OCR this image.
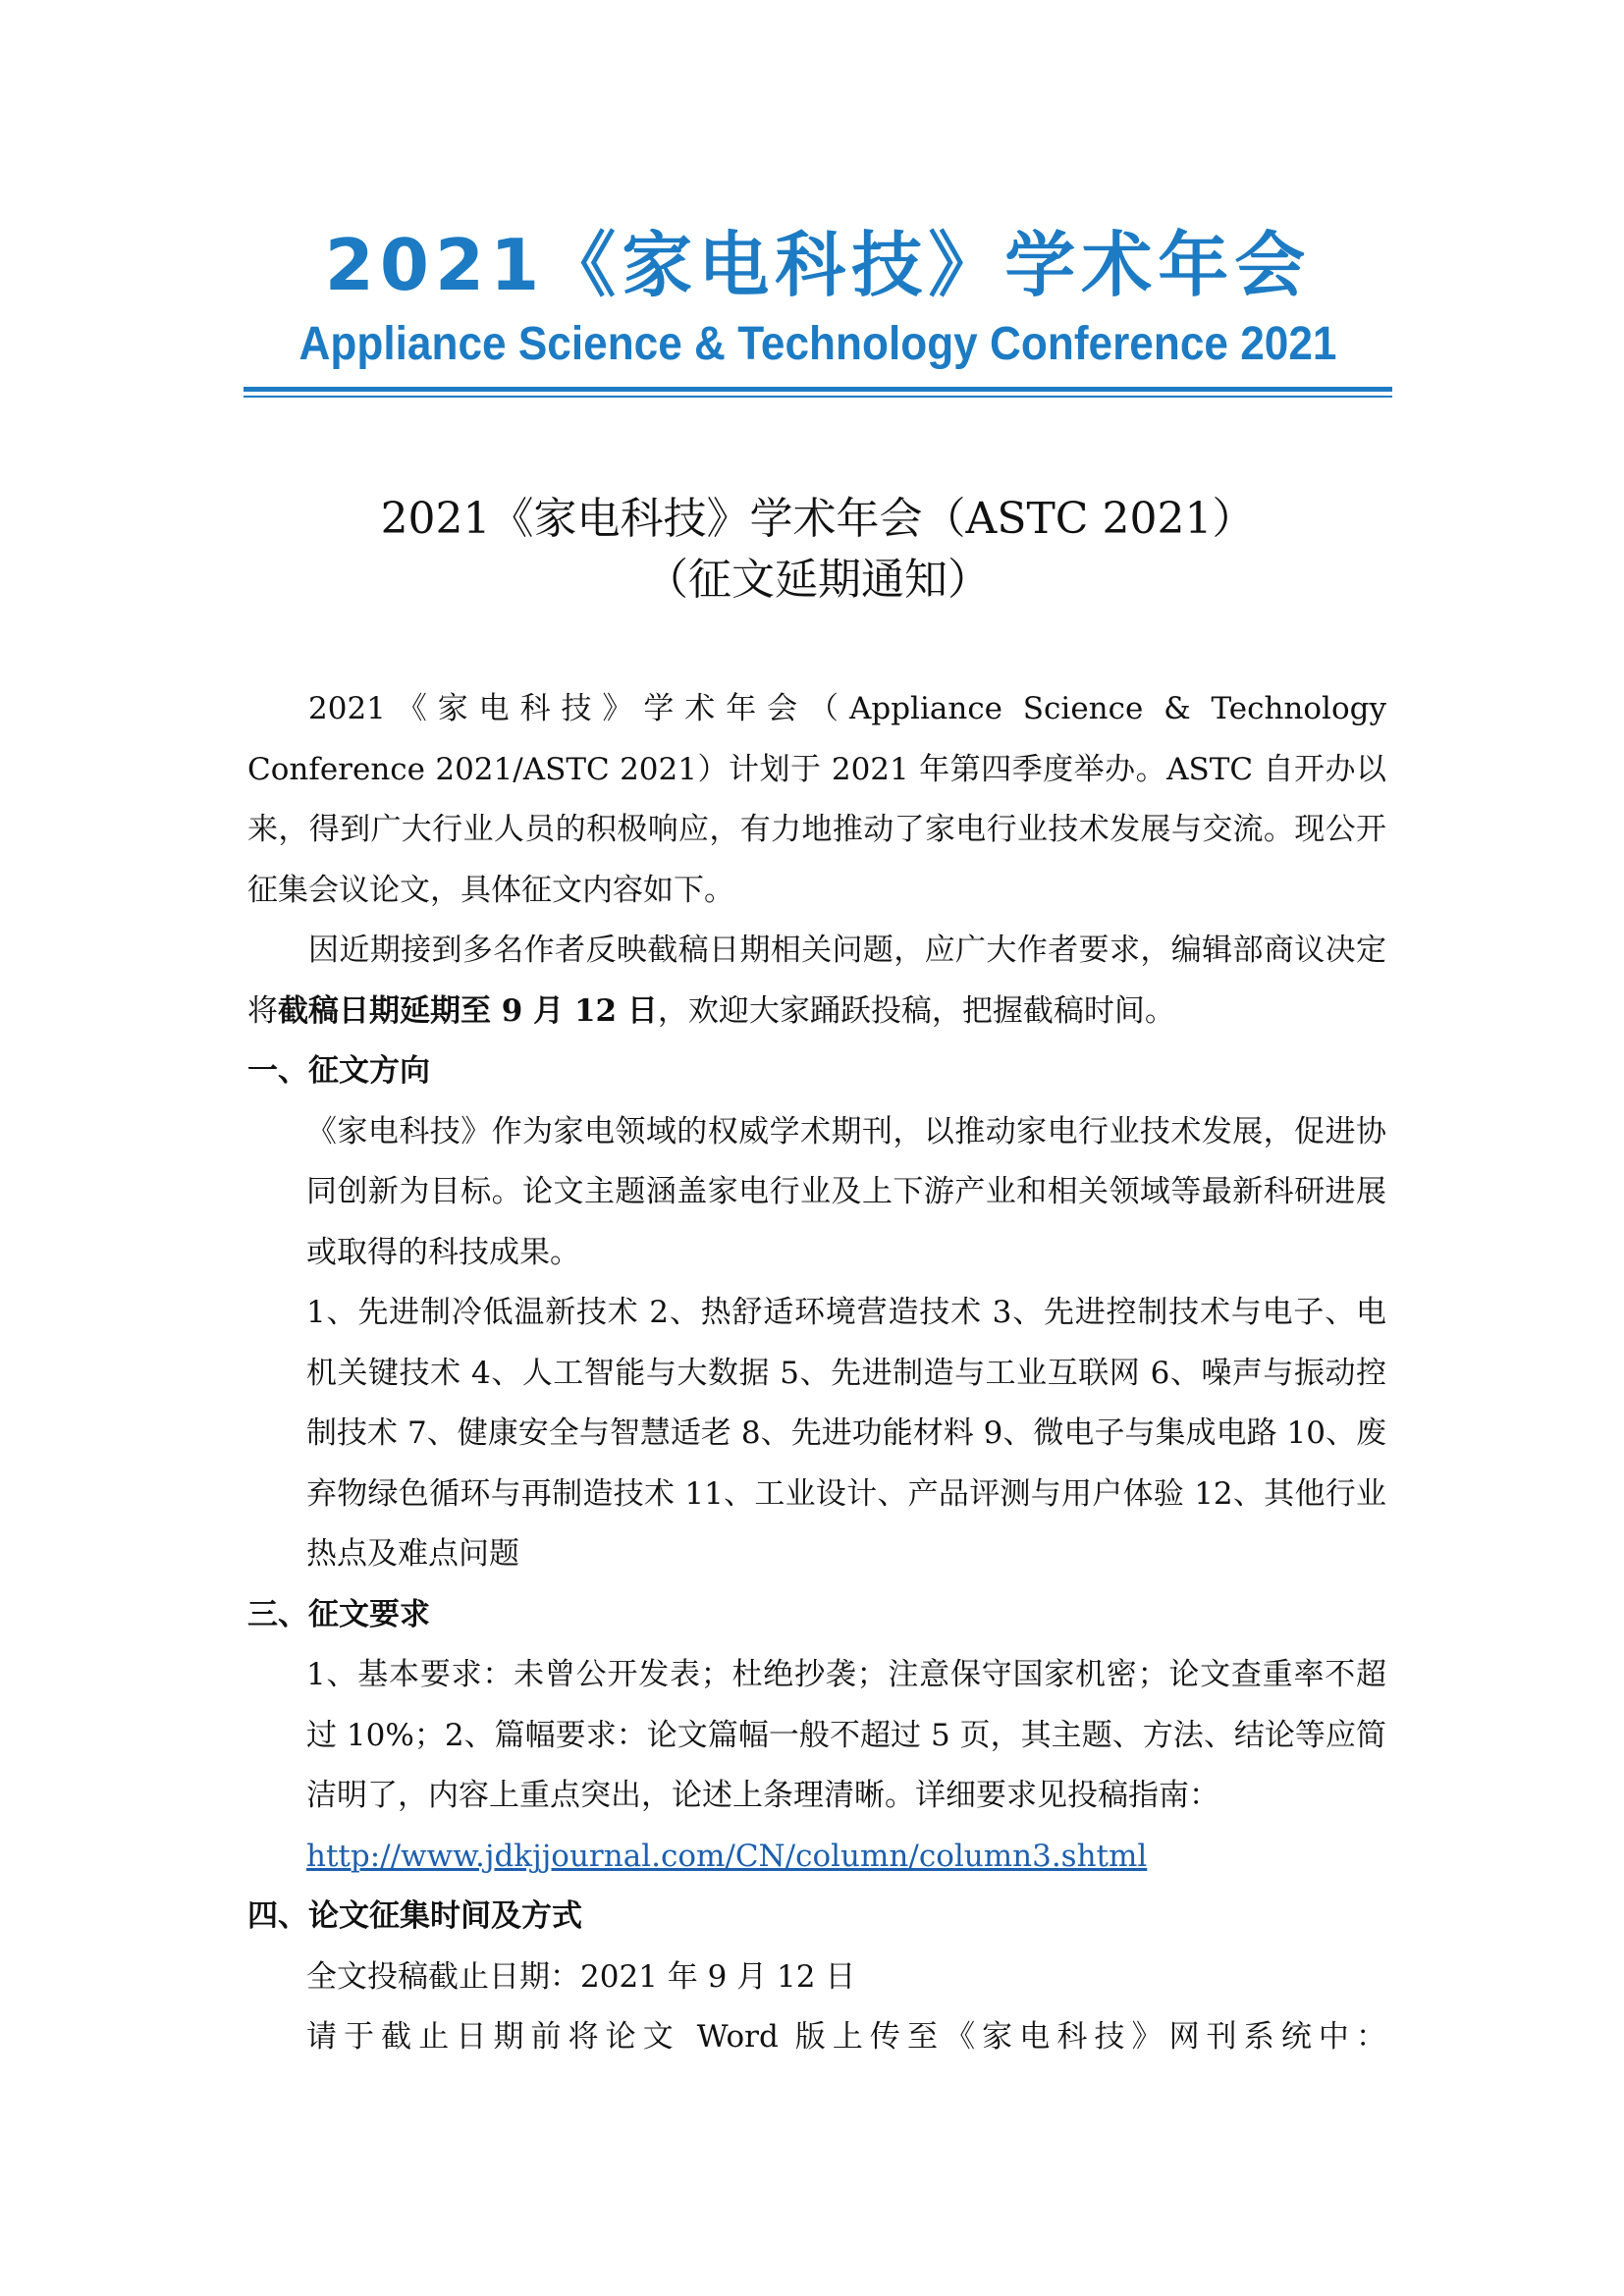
2021《家电科技》学术年会

Appliance Science & Technology Conference 2021

2021《家电科技》学术年会（ASTC 2021）

（征文延期通知）

2021《家电科技》学术年会（Appliance Science & Technology Conference 2021/ASTC 2021）计划于 2021 年第四季度举办。ASTC 自开办以来，得到广大行业人员的积极响应，有力地推动了家电行业技术发展与交流。现公开征集会议论文，具体征文内容如下。

因近期接到多名作者反映截稿日期相关问题，应广大作者要求，编辑部商议决定将截稿日期延期至 9 月 12 日，欢迎大家踊跃投稿，把握截稿时间。

一、征文方向

《家电科技》作为家电领域的权威学术期刊，以推动家电行业技术发展，促进协同创新为目标。论文主题涵盖家电行业及上下游产业和相关领域等最新科研进展或取得的科技成果。

1、先进制冷低温新技术 2、热舒适环境营造技术 3、先进控制技术与电子、电机关键技术 4、人工智能与大数据 5、先进制造与工业互联网 6、噪声与振动控制技术 7、健康安全与智慧适老 8、先进功能材料 9、微电子与集成电路 10、废弃物绿色循环与再制造技术 11、工业设计、产品评测与用户体验 12、其他行业热点及难点问题

三、征文要求

1、基本要求：未曾公开发表；杜绝抄袭；注意保守国家机密；论文查重率不超过 10%；2、篇幅要求：论文篇幅一般不超过 5 页，其主题、方法、结论等应简洁明了，内容上重点突出，论述上条理清晰。详细要求见投稿指南：

http://www.jdkjjournal.com/CN/column/column3.shtml

四、论文征集时间及方式

全文投稿截止日期：2021 年 9 月 12 日

请于截止日期前将论文 Word 版上传至《家电科技》网刊系统中：
